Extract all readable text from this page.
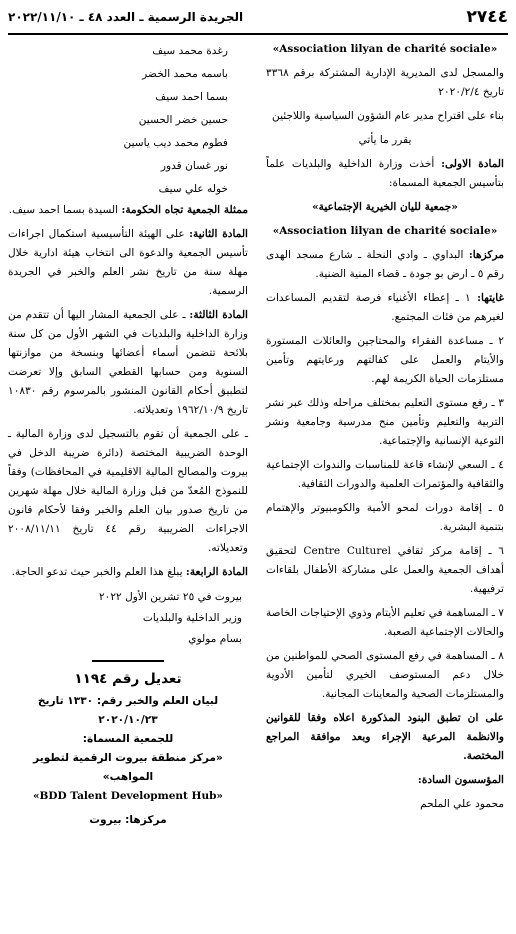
٢٧٤٤
الجريدة الرسمية ـ العدد ٤٨ ـ ٢٠٢٢/١١/١٠
«Association lilyan de charité sociale»

والمسجل لدى المديرية الإدارية المشتركة برقم ٣٣٦٨ تاريخ ٢٠٢٠/٢/٤

بناء على اقتراح مدير عام الشؤون السياسية واللاجئين

يقرر ما يأتي

المادة الاولى: أخذت وزارة الداخلية والبلديات علماً بتأسيس الجمعية المسماة:

«جمعية لليان الخيرية الإجتماعية»

«Association lilyan de charité sociale»

مركزها: البداوي ـ وادي النحلة ـ شارع مسجد الهدى رقم ٥ ـ ارض بو جودة ـ قضاء المنية الضنية.

غايتها: ١ ـ إعطاء الأغنياء فرصة لتقديم المساعدات لغيرهم من فئات المجتمع.

٢ ـ مساعدة الفقراء والمحتاجين والعائلات المستورة والأيتام والعمل على كفالتهم ورعايتهم وتأمين مستلزمات الحياة الكريمة لهم.

٣ ـ رفع مستوى التعليم بمختلف مراحله وذلك عبر نشر التربية والتعليم وتأمين منح مدرسية وجامعية ونشر التوعية الإنسانية والإجتماعية.

٤ ـ السعي لإنشاء قاعة للمناسبات والندوات الإجتماعية والثقافية والمؤتمرات العلمية والدورات الثقافية.

٥ ـ إقامة دورات لمحو الأمية والكومبيوتر والإهتمام بتنمية البشرية.

٦ ـ إقامة مركز ثقافي Centre Culturel لتحقيق أهداف الجمعية والعمل على مشاركة الأطفال بلقاءات ترفيهية.

٧ ـ المساهمة في تعليم الأيتام وذوي الإحتياجات الخاصة والحالات الإجتماعية الصعبة.

٨ ـ المساهمة في رفع المستوى الصحي للمواطنين من خلال دعم المستوصف الخيري لتأمين الأدوية والمستلزمات الصحية والمعاينات المجانية.

على ان تطبق البنود المذكورة اعلاه وفقا للقوانين والانظمة المرعية الإجراء وبعد موافقة المراجع المختصة.

المؤسسون السادة:

محمود علي الملحم

رغدة محمد سيف
باسمه محمد الخضر
بسما احمد سيف
حسين خضر الحسين
فطوم محمد ديب ياسين
نور غسان قدور
خوله علي سيف

ممثلة الجمعية تجاه الحكومة: السيدة بسما احمد سيف.

المادة الثانية: على الهيئة التأسيسية استكمال اجراءات تأسيس الجمعية والدعوة الى انتخاب هيئة ادارية خلال مهلة سنة من تاريخ نشر العلم والخبر في الجريدة الرسمية.

المادة الثالثة: ـ على الجمعية المشار اليها أن تتقدم من وزارة الداخلية والبلديات في الشهر الأول من كل سنة بلائحة تتضمن أسماء أعضائها وبنسخة من موازنتها السنوية ومن حسابها القطعي السابق وإلا تعرضت لتطبيق أحكام القانون المنشور بالمرسوم رقم ١٠٨٣٠ تاريخ ١٩٦٢/١٠/٩ وتعديلاته.

ـ على الجمعية أن تقوم بالتسجيل لدى وزارة المالية ـ الوحدة الضريبية المختصة (دائرة ضريبة الدخل في بيروت والمصالح المالية الاقليمية في المحافظات) وفقاً للنموذج المُعدّ من قبل وزارة المالية خلال مهلة شهرين من تاريخ صدور بيان العلم والخبر وفقا لأحكام قانون الاجراءات الضريبية رقم ٤٤ تاريخ ٢٠٠٨/١١/١١ وتعديلاته.

المادة الرابعة: يبلغ هذا العلم والخبر حيث تدعو الحاجة.

بيروت في ٢٥ تشرين الأول ٢٠٢٢
وزير الداخلية والبلديات
بسام مولوي
تعديل رقم ١١٩٤
لبيان العلم والخبر رقم: ١٣٣٠ تاريخ ٢٠٢٠/١٠/٢٣
للجمعية المسماة:
«مركز منطقة بيروت الرقمية لتطوير المواهب»
«BDD Talent Development Hub»
مركزها: بيروت
